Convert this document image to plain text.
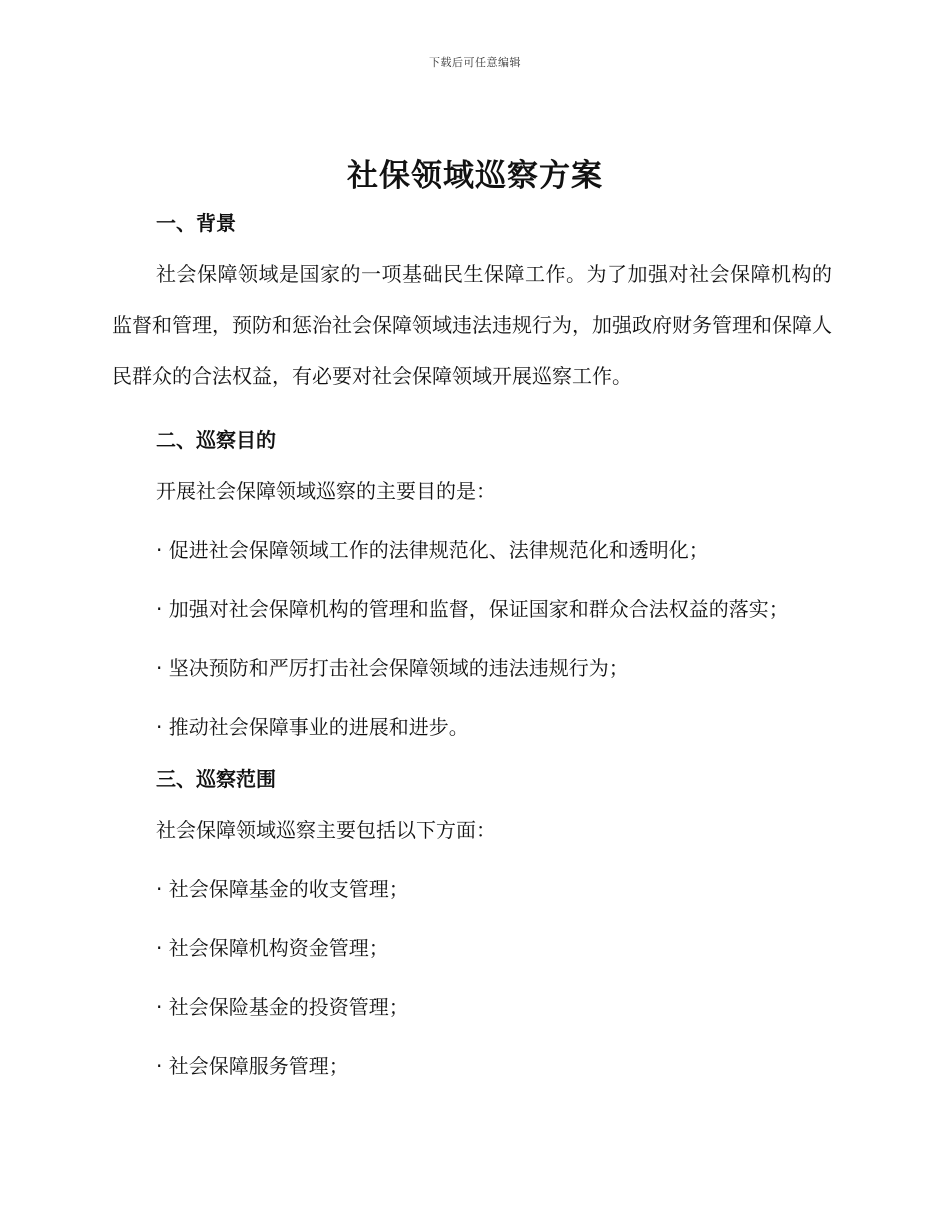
下载后可任意编辑
社保领域巡察方案

一、背景

社会保障领域是国家的一项基础民生保障工作。为了加强对社会保障机构的监督和管理，预防和惩治社会保障领域违法违规行为，加强政府财务管理和保障人民群众的合法权益，有必要对社会保障领域开展巡察工作。

二、巡察目的

开展社会保障领域巡察的主要目的是：

· 促进社会保障领域工作的法律规范化、法律规范化和透明化；

· 加强对社会保障机构的管理和监督，保证国家和群众合法权益的落实；

· 坚决预防和严厉打击社会保障领域的违法违规行为；

· 推动社会保障事业的进展和进步。

三、巡察范围

社会保障领域巡察主要包括以下方面：

· 社会保障基金的收支管理；

· 社会保障机构资金管理；

· 社会保险基金的投资管理；

· 社会保障服务管理；
